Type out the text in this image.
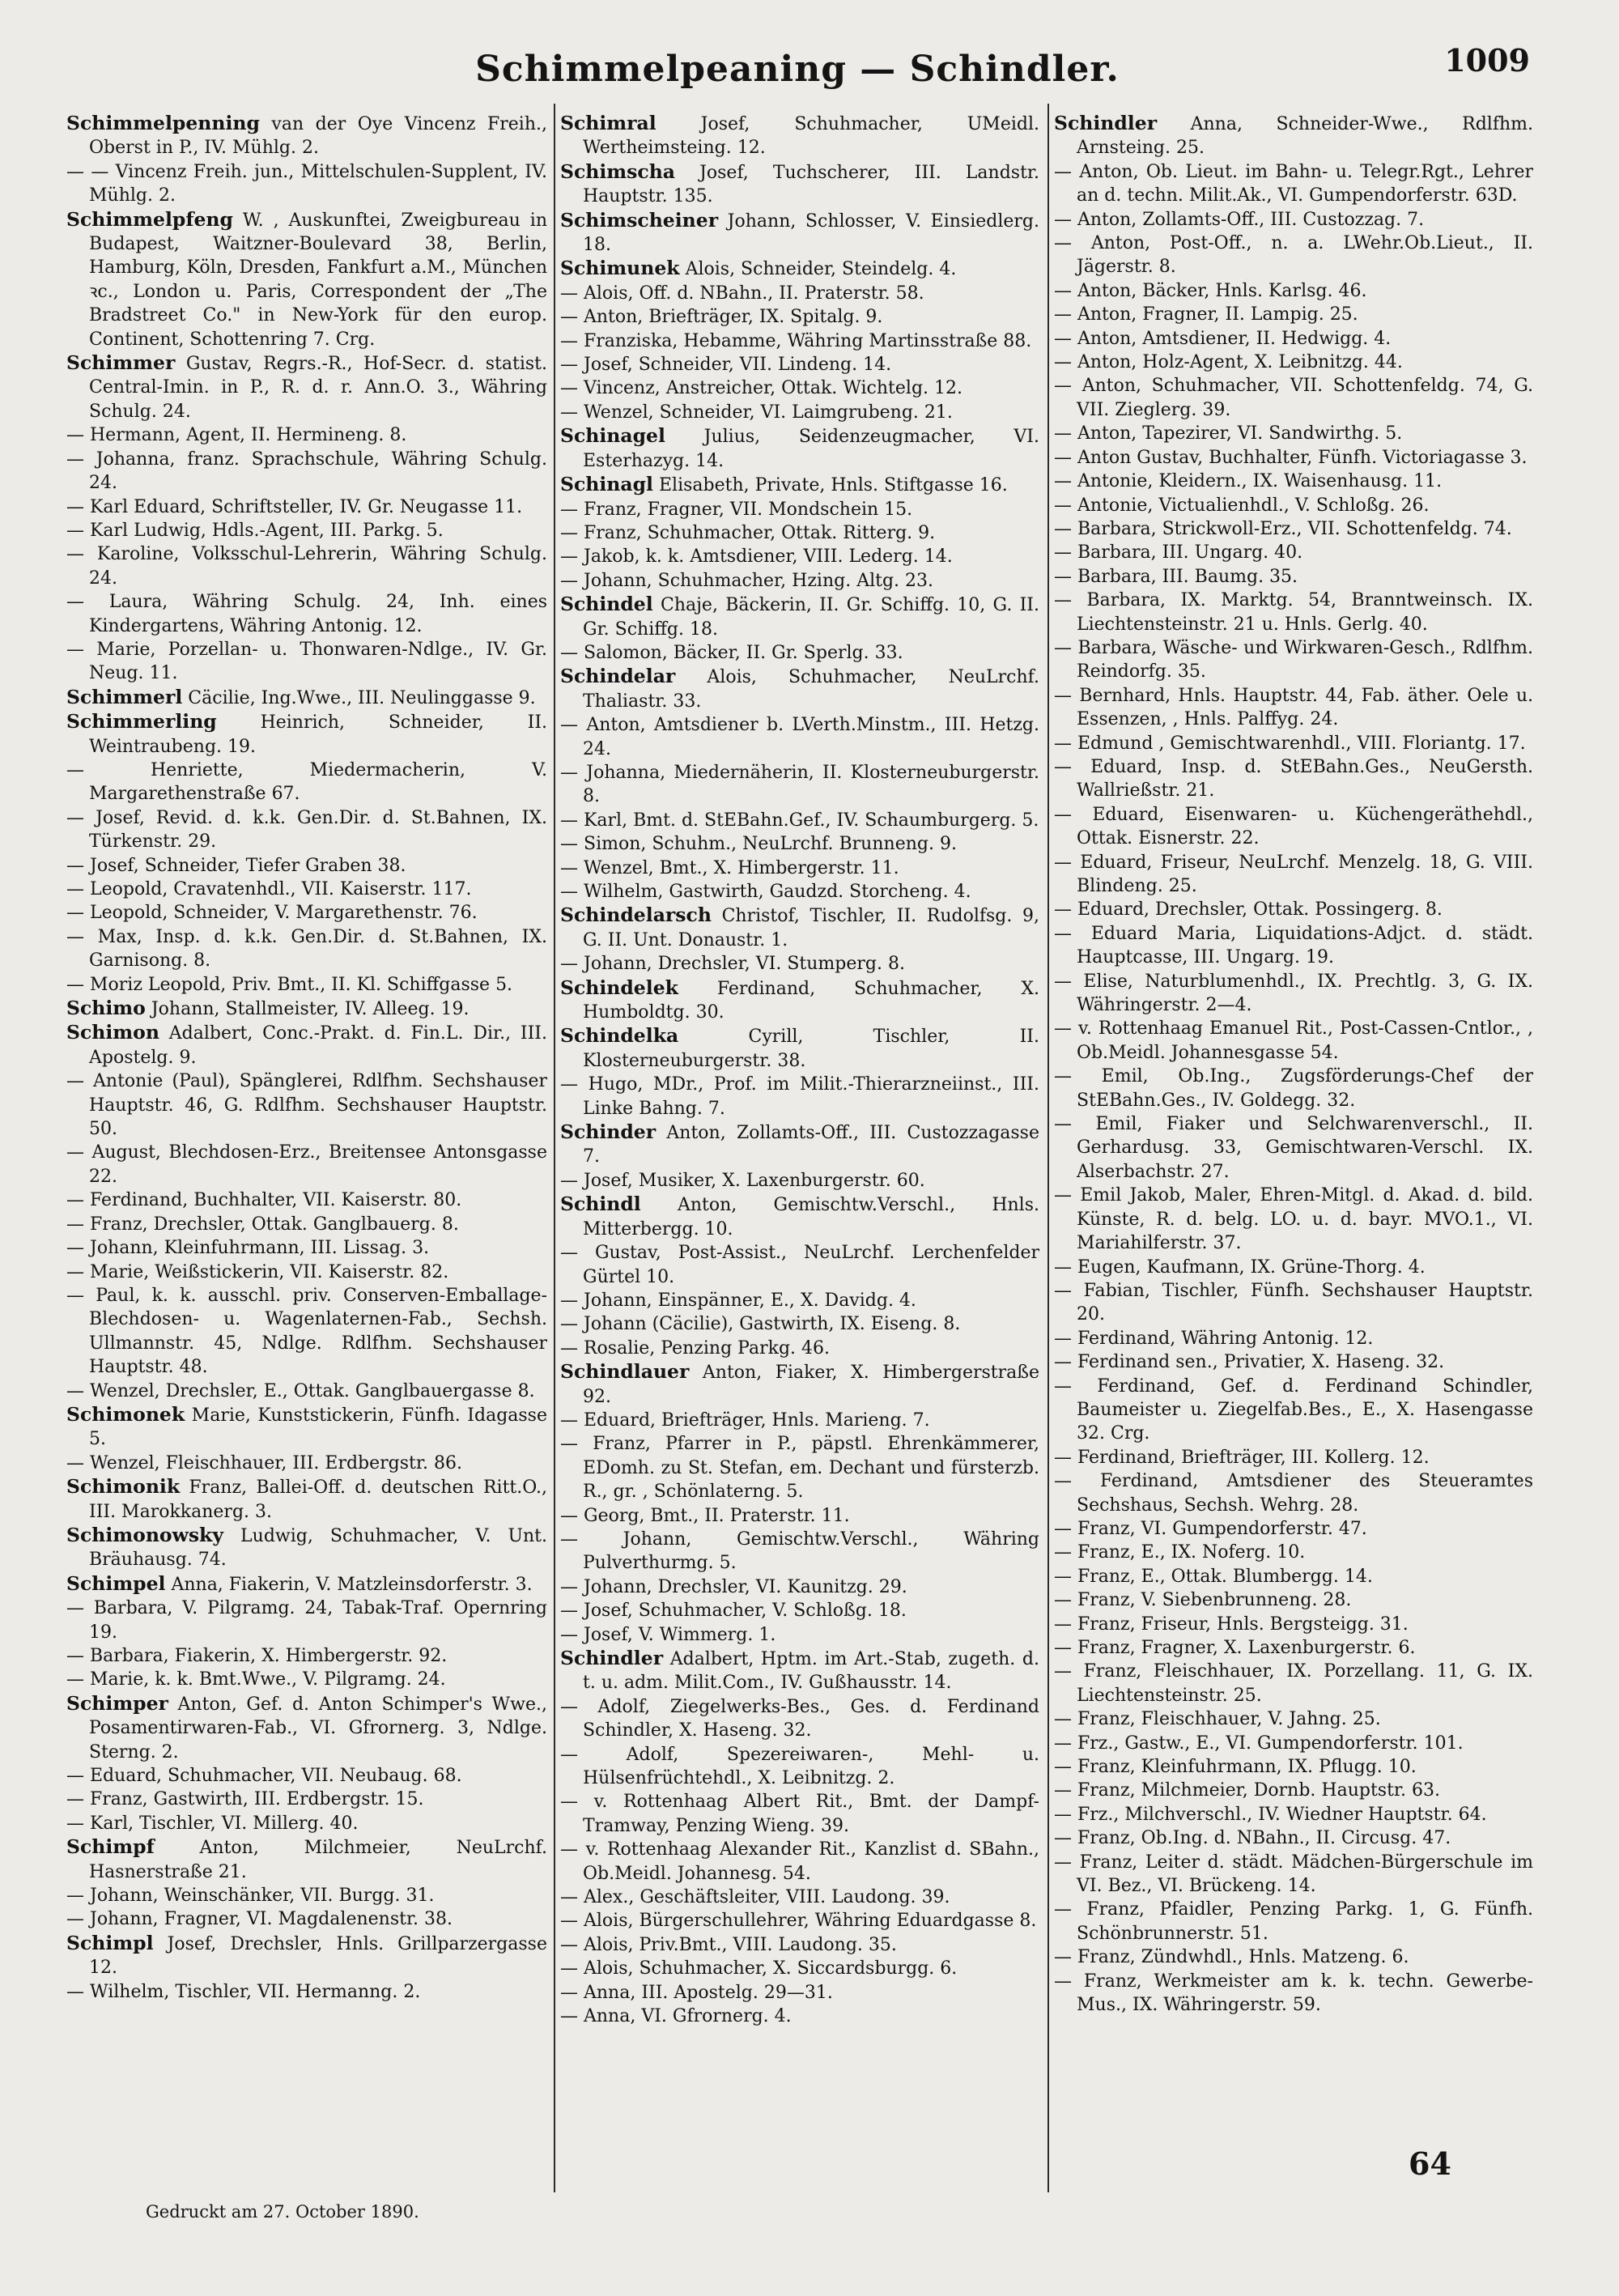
Schimmelpeaning — Schindler.	1009
Schimmelpenning van der Oye Vincenz Freih., Oberst in P., IV. Mühlg. 2.
— — Vincenz Freih. jun., Mittelschulen-Supplent, IV. Mühlg. 2.
Schimmelpfeng W. , Auskunftei, Zweigbureau in Budapest, Waitzner-Boulevard 38, Berlin, Hamburg, Köln, Dresden, Fankfurt a.M., München ꝛc., London u. Paris, Correspondent der „The Bradstreet Co." in New-York für den europ. Continent, Schottenring 7. Crg.
Schimmer Gustav, Regrs.-R., Hof-Secr. d. statist. Central-Imin. in P., R. d. r. Ann.O. 3., Währing Schulg. 24.
— Hermann, Agent, II. Hermineng. 8.
— Johanna, franz. Sprachschule, Währing Schulg. 24.
— Karl Eduard, Schriftsteller, IV. Gr. Neugasse 11.
— Karl Ludwig, Hdls.-Agent, III. Parkg. 5.
— Karoline, Volksschul-Lehrerin, Währing Schulg. 24.
— Laura, Währing Schulg. 24, Inh. eines Kindergartens, Währing Antonig. 12.
— Marie, Porzellan- u. Thonwaren-Ndlge., IV. Gr. Neug. 11.
Schimmerl Cäcilie, Ing.Wwe., III. Neulinggasse 9.
Schimmerling Heinrich, Schneider, II. Weintraubeng. 19.
— Henriette, Miedermacherin, V. Margarethenstraße 67.
— Josef, Revid. d. k.k. Gen.Dir. d. St.Bahnen, IX. Türkenstr. 29.
— Josef, Schneider, Tiefer Graben 38.
— Leopold, Cravatenhdl., VII. Kaiserstr. 117.
— Leopold, Schneider, V. Margarethenstr. 76.
— Max, Insp. d. k.k. Gen.Dir. d. St.Bahnen, IX. Garnisong. 8.
— Moriz Leopold, Priv. Bmt., II. Kl. Schiffgasse 5.
Schimo Johann, Stallmeister, IV. Alleeg. 19.
Schimon Adalbert, Conc.-Prakt. d. Fin.L. Dir., III. Apostelg. 9.
— Antonie (Paul), Spänglerei, Rdlfhm. Sechshauser Hauptstr. 46, G. Rdlfhm. Sechshauser Hauptstr. 50.
— August, Blechdosen-Erz., Breitensee Antonsgasse 22.
— Ferdinand, Buchhalter, VII. Kaiserstr. 80.
— Franz, Drechsler, Ottak. Ganglbauerg. 8.
— Johann, Kleinfuhrmann, III. Lissag. 3.
— Marie, Weißstickerin, VII. Kaiserstr. 82.
— Paul, k. k. ausschl. priv. Conserven-Emballage-Blechdosen- u. Wagenlaternen-Fab., Sechsh. Ullmannstr. 45, Ndlge. Rdlfhm. Sechshauser Hauptstr. 48.
— Wenzel, Drechsler, E., Ottak. Ganglbauergasse 8.
Schimonek Marie, Kunststickerin, Fünfh. Idagasse 5.
— Wenzel, Fleischhauer, III. Erdbergstr. 86.
Schimonik Franz, Ballei-Off. d. deutschen Ritt.O., III. Marokkanerg. 3.
Schimonowsky Ludwig, Schuhmacher, V. Unt. Bräuhausg. 74.
Schimpel Anna, Fiakerin, V. Matzleinsdorferstr. 3.
— Barbara, V. Pilgramg. 24, Tabak-Traf. Opernring 19.
— Barbara, Fiakerin, X. Himbergerstr. 92.
— Marie, k. k. Bmt.Wwe., V. Pilgramg. 24.
Schimper Anton, Gef. d. Anton Schimper's Wwe., Posamentirwaren-Fab., VI. Gfrornerg. 3, Ndlge. Sterng. 2.
— Eduard, Schuhmacher, VII. Neubaug. 68.
— Franz, Gastwirth, III. Erdbergstr. 15.
— Karl, Tischler, VI. Millerg. 40.
Schimpf	Anton, Milchmeier, NeuLrchf. Hasnerstraße 21.
— Johann, Weinschänker, VII. Burgg. 31.
— Johann, Fragner, VI. Magdalenenstr. 38.
Schimpl Josef, Drechsler, Hnls. Grillparzergasse 12.
— Wilhelm, Tischler, VII. Hermanng. 2.
Schimral Josef, Schuhmacher, UMeidl. Wertheimsteing. 12.
Schimscha Josef, Tuchscherer, III. Landstr. Hauptstr. 135.
Schimscheiner Johann, Schlosser, V. Einsiedlerg. 18.
Schimunek Alois, Schneider, Steindelg. 4.
— Alois, Off. d. NBahn., II. Praterstr. 58.
— Anton, Briefträger, IX. Spitalg. 9.
— Franziska, Hebamme, Währing Martinsstraße 88.
— Josef, Schneider, VII. Lindeng. 14.
— Vincenz, Anstreicher, Ottak. Wichtelg. 12.
— Wenzel, Schneider, VI. Laimgrubeng. 21.
Schinagel Julius, Seidenzeugmacher, VI. Esterhazyg. 14.
Schinagl Elisabeth, Private, Hnls. Stiftgasse 16.
— Franz, Fragner, VII. Mondschein 15.
— Franz, Schuhmacher, Ottak. Ritterg. 9.
— Jakob, k. k. Amtsdiener, VIII. Lederg. 14.
— Johann, Schuhmacher, Hzing. Altg. 23.
Schindel Chaje, Bäckerin, II. Gr. Schiffg. 10, G. II. Gr. Schiffg. 18.
— Salomon, Bäcker, II. Gr. Sperlg. 33.
Schindelar Alois, Schuhmacher, NeuLrchf. Thaliastr. 33.
— Anton, Amtsdiener b. LVerth.Minstm., III. Hetzg. 24.
— Johanna, Miedernäherin, II. Klosterneuburgerstr. 8.
— Karl, Bmt. d. StEBahn.Gef., IV. Schaumburgerg. 5.
— Simon, Schuhm., NeuLrchf. Brunneng. 9.
— Wenzel, Bmt., X. Himbergerstr. 11.
— Wilhelm, Gastwirth, Gaudzd. Storcheng. 4.
Schindelarsch Christof, Tischler, II. Rudolfsg. 9, G. II. Unt. Donaustr. 1.
— Johann, Drechsler, VI. Stumperg. 8.
Schindelek Ferdinand, Schuhmacher, X. Humboldtg. 30.
Schindelka	Cyrill, Tischler, II. Klosterneuburgerstr. 38.
— Hugo, MDr., Prof. im Milit.-Thierarzneiinst., III. Linke Bahng. 7.
Schinder Anton, Zollamts-Off., III. Custozzagasse 7.
— Josef, Musiker, X. Laxenburgerstr. 60.
Schindl Anton, Gemischtw.Verschl., Hnls. Mitterbergg. 10.
— Gustav, Post-Assist., NeuLrchf. Lerchenfelder Gürtel 10.
— Johann, Einspänner, E., X. Davidg. 4.
— Johann (Cäcilie), Gastwirth, IX. Eiseng. 8.
— Rosalie, Penzing Parkg. 46.
Schindlauer Anton, Fiaker, X. Himbergerstraße 92.
— Eduard, Briefträger, Hnls. Marieng. 7.
— Franz, Pfarrer in P., päpstl. Ehrenkämmerer, EDomh. zu St. Stefan, em. Dechant und fürsterzb. R., gr. , Schönlaterng. 5.
— Georg, Bmt., II. Praterstr. 11.
— Johann, Gemischtw.Verschl., Währing Pulverthurmg. 5.
— Johann, Drechsler, VI. Kaunitzg. 29.
— Josef, Schuhmacher, V. Schloßg. 18.
— Josef, V. Wimmerg. 1.
Schindler Adalbert, Hptm. im Art.-Stab, zugeth. d. t. u. adm. Milit.Com., IV. Gußhausstr. 14.
— Adolf, Ziegelwerks-Bes., Ges. d. Ferdinand Schindler, X. Haseng. 32.
— Adolf, Spezereiwaren-, Mehl- u. Hülsenfrüchtehdl., X. Leibnitzg. 2.
— v. Rottenhaag Albert Rit., Bmt. der Dampf-Tramway, Penzing Wieng. 39.
— v. Rottenhaag Alexander Rit., Kanzlist d. SBahn., Ob.Meidl. Johannesg. 54.
— Alex., Geschäftsleiter, VIII. Laudong. 39.
— Alois, Bürgerschullehrer, Währing Eduardgasse 8.
— Alois, Priv.Bmt., VIII. Laudong. 35.
— Alois, Schuhmacher, X. Siccardsburgg. 6.
— Anna, III. Apostelg. 29—31.
— Anna, VI. Gfrornerg. 4.
Schindler Anna, Schneider-Wwe., Rdlfhm. Arnsteing. 25.
— Anton, Ob. Lieut. im Bahn- u. Telegr.Rgt., Lehrer an d. techn. Milit.Ak., VI. Gumpendorferstr. 63D.
— Anton, Zollamts-Off., III. Custozzag. 7.
— Anton, Post-Off., n. a. LWehr.Ob.Lieut., II. Jägerstr. 8.
— Anton, Bäcker, Hnls. Karlsg. 46.
— Anton, Fragner, II. Lampig. 25.
— Anton, Amtsdiener, II. Hedwigg. 4.
— Anton, Holz-Agent, X. Leibnitzg. 44.
— Anton, Schuhmacher, VII. Schottenfeldg. 74, G. VII. Zieglerg. 39.
— Anton, Tapezirer, VI. Sandwirthg. 5.
— Anton Gustav, Buchhalter, Fünfh. Victoriagasse 3.
— Antonie, Kleidern., IX. Waisenhausg. 11.
— Antonie, Victualienhdl., V. Schloßg. 26.
— Barbara, Strickwoll-Erz., VII. Schottenfeldg. 74.
— Barbara, III. Ungarg. 40.
— Barbara, III. Baumg. 35.
— Barbara, IX. Marktg. 54, Branntweinsch. IX. Liechtensteinstr. 21 u. Hnls. Gerlg. 40.
— Barbara, Wäsche- und Wirkwaren-Gesch., Rdlfhm. Reindorfg. 35.
— Bernhard, Hnls. Hauptstr. 44, Fab. äther. Oele u. Essenzen, , Hnls. Palffyg. 24.
— Edmund , Gemischtwarenhdl., VIII. Floriantg. 17.
— Eduard, Insp. d. StEBahn.Ges., NeuGersth. Wallrießstr. 21.
— Eduard, Eisenwaren- u. Küchengeräthehdl., Ottak. Eisnerstr. 22.
— Eduard, Friseur, NeuLrchf. Menzelg. 18, G. VIII. Blindeng. 25.
— Eduard, Drechsler, Ottak. Possingerg. 8.
— Eduard Maria, Liquidations-Adjct. d. städt. Hauptcasse, III. Ungarg. 19.
— Elise, Naturblumenhdl., IX. Prechtlg. 3, G. IX. Währingerstr. 2—4.
— v. Rottenhaag Emanuel Rit., Post-Cassen-Cntlor., , Ob.Meidl. Johannesgasse 54.
— Emil, Ob.Ing., Zugsförderungs-Chef der StEBahn.Ges., IV. Goldegg. 32.
— Emil, Fiaker und Selchwarenverschl., II. Gerhardusg. 33, Gemischtwaren-Verschl. IX. Alserbachstr. 27.
— Emil Jakob, Maler, Ehren-Mitgl. d. Akad. d. bild. Künste, R. d. belg. LO. u. d. bayr. MVO.1., VI. Mariahilferstr. 37.
— Eugen, Kaufmann, IX. Grüne-Thorg. 4.
— Fabian, Tischler, Fünfh. Sechshauser Hauptstr. 20.
— Ferdinand, Währing Antonig. 12.
— Ferdinand sen., Privatier, X. Haseng. 32.
— Ferdinand, Gef. d. Ferdinand Schindler, Baumeister u. Ziegelfab.Bes., E., X. Hasengasse 32. Crg.
— Ferdinand, Briefträger, III. Kollerg. 12.
— Ferdinand, Amtsdiener des Steueramtes Sechshaus, Sechsh. Wehrg. 28.
— Franz, VI. Gumpendorferstr. 47.
— Franz, E., IX. Noferg. 10.
— Franz, E., Ottak. Blumbergg. 14.
— Franz, V. Siebenbrunneng. 28.
— Franz, Friseur, Hnls. Bergsteigg. 31.
— Franz, Fragner, X. Laxenburgerstr. 6.
— Franz, Fleischhauer, IX. Porzellang. 11, G. IX. Liechtensteinstr. 25.
— Franz, Fleischhauer, V. Jahng. 25.
— Frz., Gastw., E., VI. Gumpendorferstr. 101.
— Franz, Kleinfuhrmann, IX. Pflugg. 10.
— Franz, Milchmeier, Dornb. Hauptstr. 63.
— Frz., Milchverschl., IV. Wiedner Hauptstr. 64.
— Franz, Ob.Ing. d. NBahn., II. Circusg. 47.
— Franz, Leiter d. städt. Mädchen-Bürgerschule im VI. Bez., VI. Brückeng. 14.
— Franz, Pfaidler, Penzing Parkg. 1, G. Fünfh. Schönbrunnerstr. 51.
— Franz, Zündwhdl., Hnls. Matzeng. 6.
— Franz, Werkmeister am k. k. techn. Gewerbe-Mus., IX. Währingerstr. 59.
Gedruckt am 27. October 1890.
64
